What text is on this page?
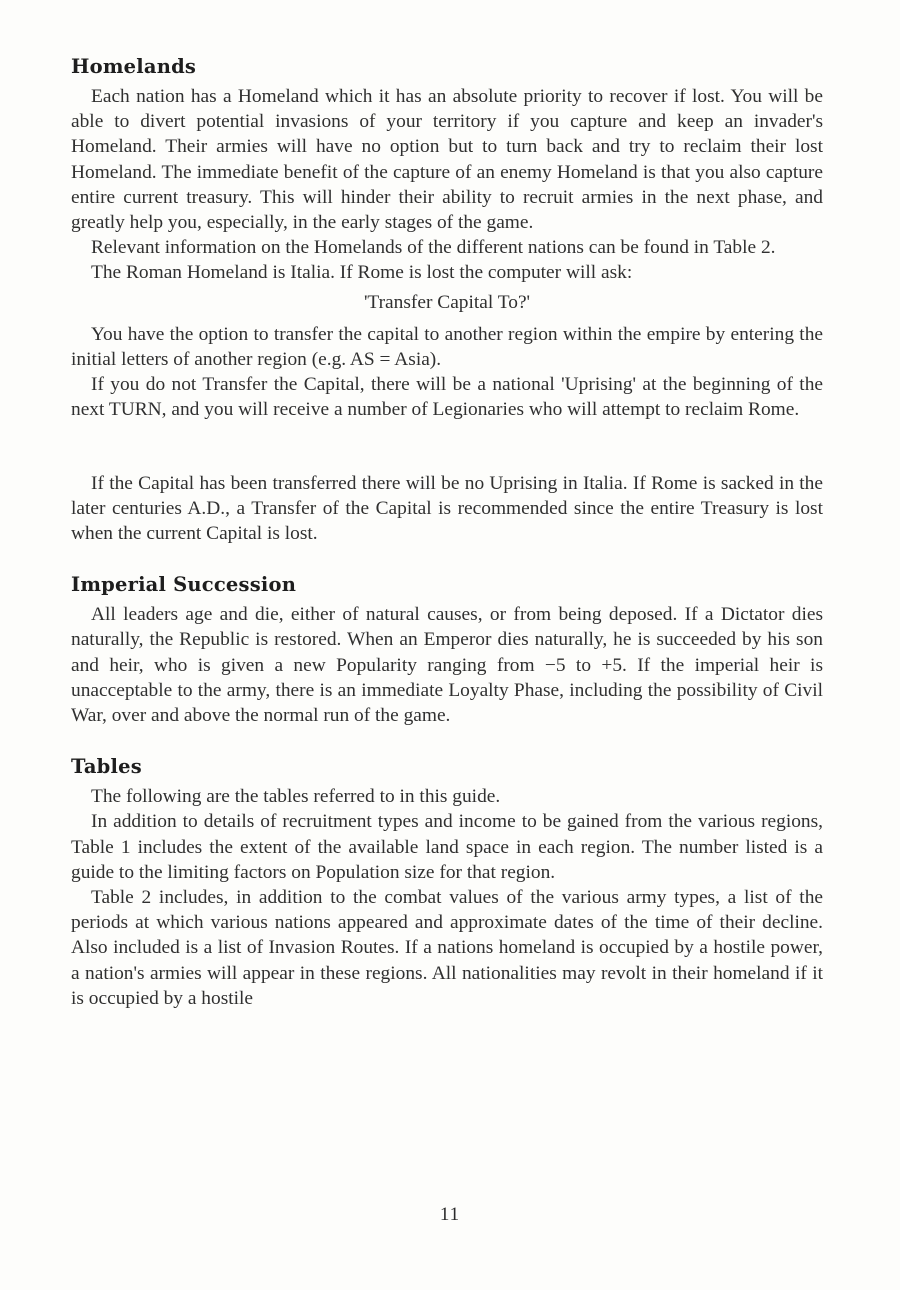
Homelands

Each nation has a Homeland which it has an absolute priority to recover if lost. You will be able to divert potential invasions of your territory if you capture and keep an invader's Homeland. Their armies will have no option but to turn back and try to reclaim their lost Homeland. The immediate benefit of the capture of an enemy Homeland is that you also capture entire current treasury. This will hinder their ability to recruit armies in the next phase, and greatly help you, especially, in the early stages of the game.

Relevant information on the Homelands of the different nations can be found in Table 2.

The Roman Homeland is Italia. If Rome is lost the computer will ask:

'Transfer Capital To?'

You have the option to transfer the capital to another region within the empire by entering the initial letters of another region (e.g. AS = Asia).

If you do not Transfer the Capital, there will be a national 'Uprising' at the beginning of the next TURN, and you will receive a number of Legionaries who will attempt to reclaim Rome.

If the Capital has been transferred there will be no Uprising in Italia. If Rome is sacked in the later centuries A.D., a Transfer of the Capital is recommended since the entire Treasury is lost when the current Capital is lost.

Imperial Succession

All leaders age and die, either of natural causes, or from being deposed. If a Dictator dies naturally, the Republic is restored. When an Emperor dies naturally, he is succeeded by his son and heir, who is given a new Popularity ranging from −5 to +5. If the imperial heir is unacceptable to the army, there is an immediate Loyalty Phase, including the possibility of Civil War, over and above the normal run of the game.

Tables

The following are the tables referred to in this guide.

In addition to details of recruitment types and income to be gained from the various regions, Table 1 includes the extent of the available land space in each region. The number listed is a guide to the limiting factors on Population size for that region.

Table 2 includes, in addition to the combat values of the various army types, a list of the periods at which various nations appeared and approximate dates of the time of their decline. Also included is a list of Invasion Routes. If a nations homeland is occupied by a hostile power, a nation's armies will appear in these regions. All nationalities may revolt in their homeland if it is occupied by a hostile

11
